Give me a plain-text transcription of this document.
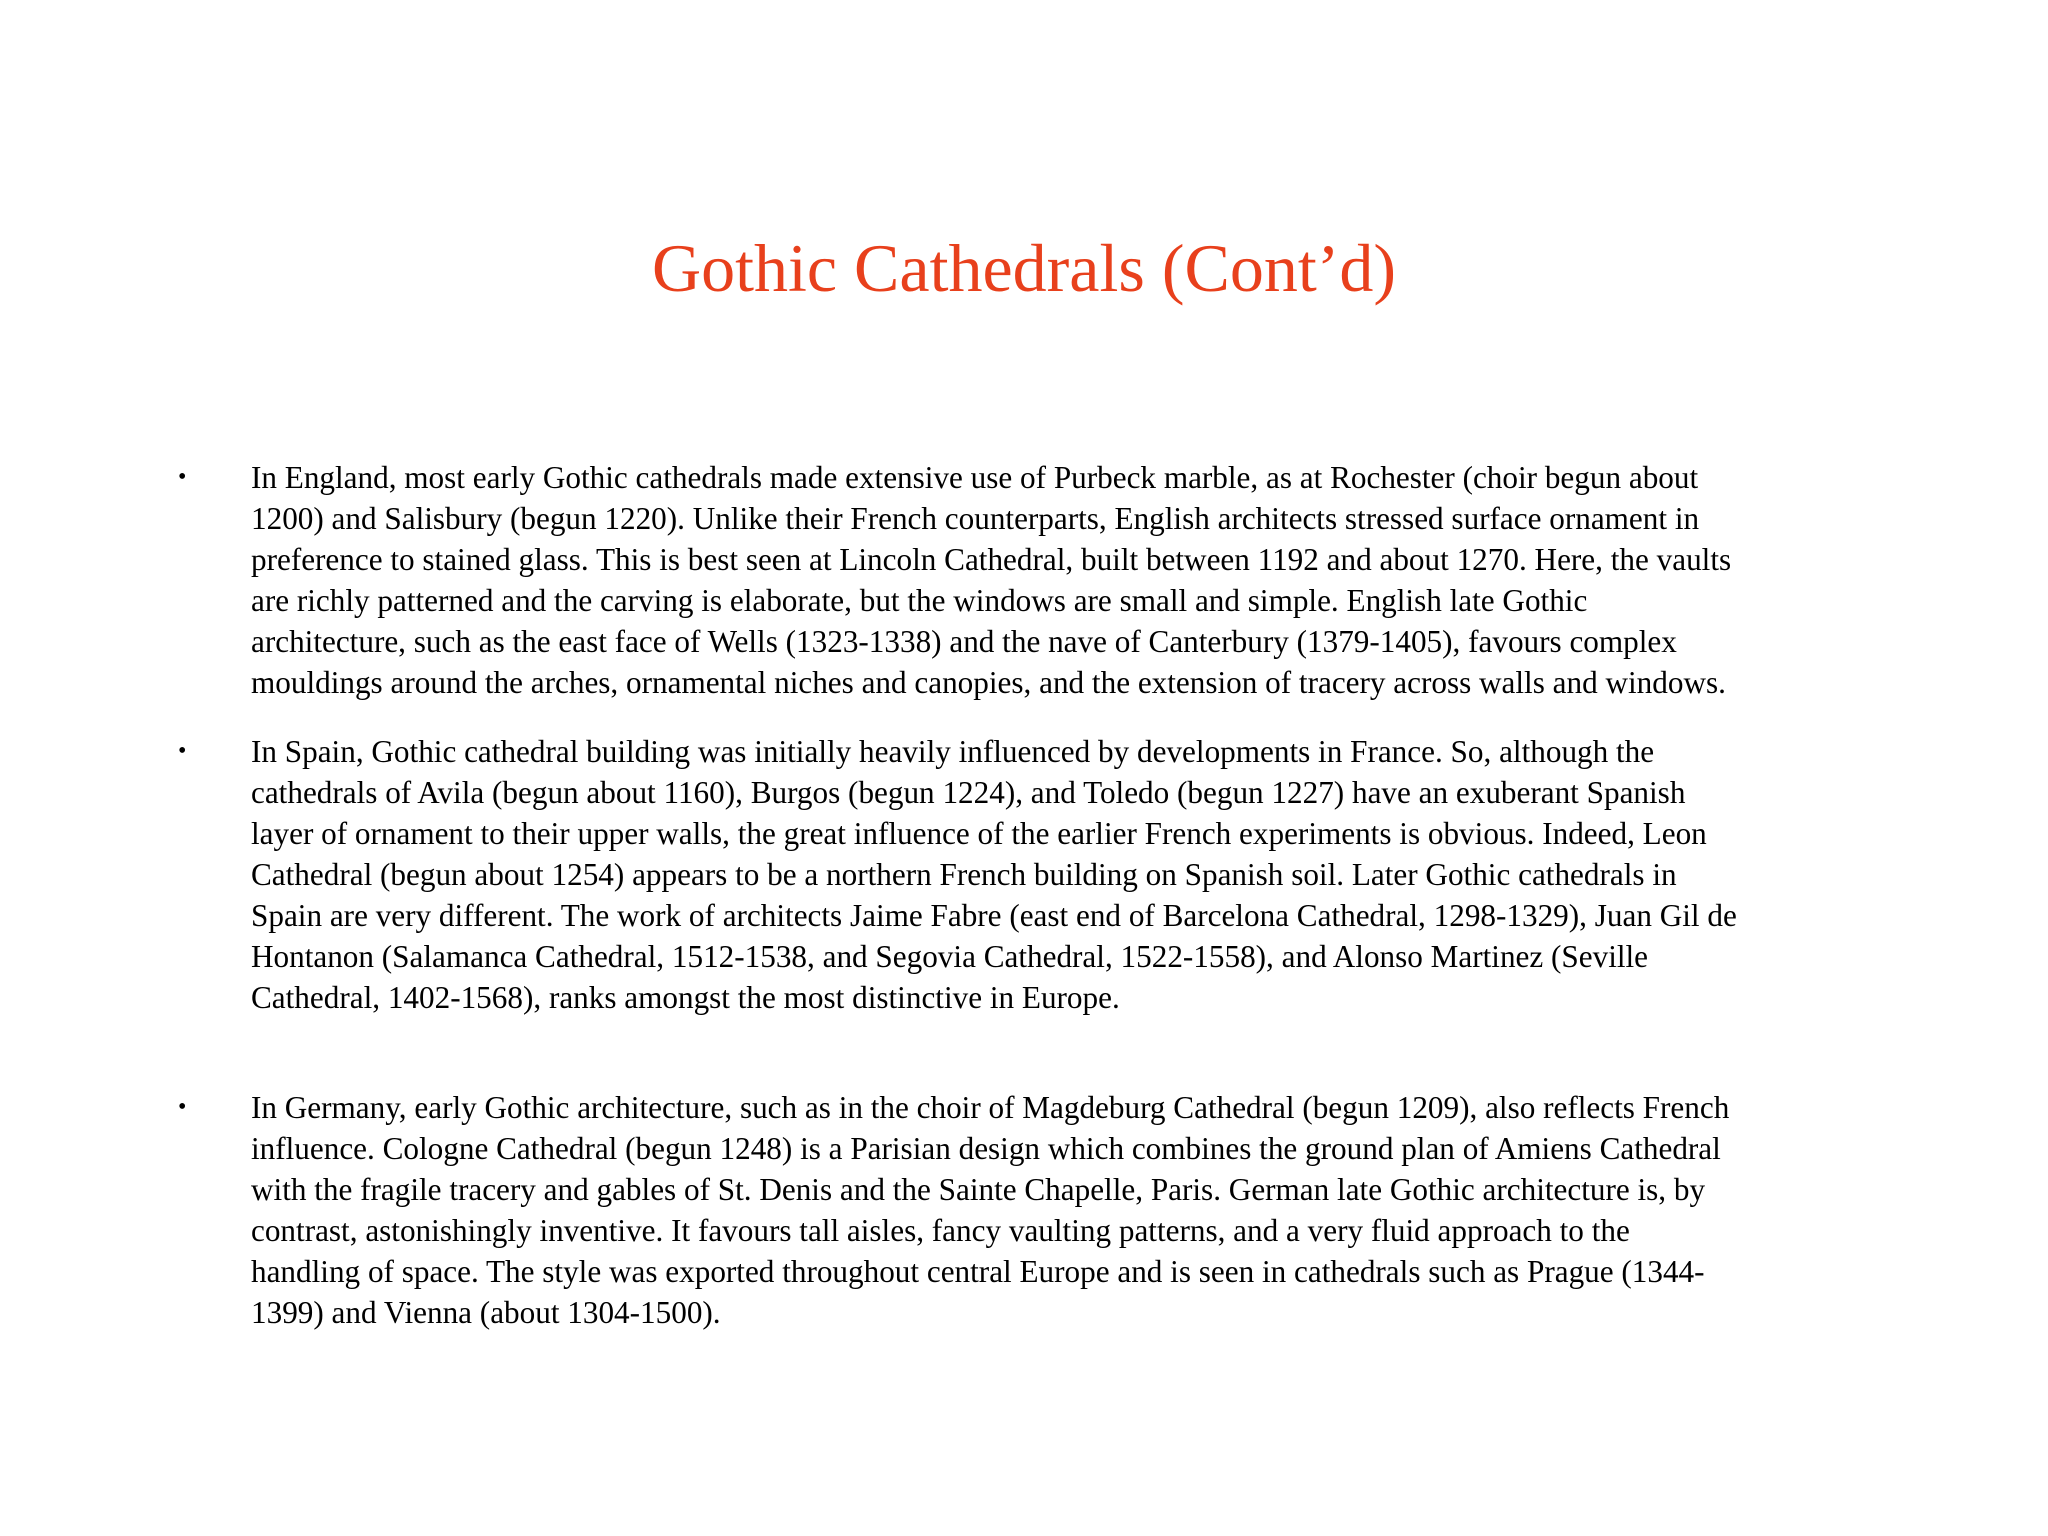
Gothic Cathedrals (Cont’d)
• In England, most early Gothic cathedrals made extensive use of Purbeck marble, as at Rochester (choir begun about
1200) and Salisbury (begun 1220). Unlike their French counterparts, English architects stressed surface ornament in
preference to stained glass. This is best seen at Lincoln Cathedral, built between 1192 and about 1270. Here, the vaults
are richly patterned and the carving is elaborate, but the windows are small and simple. English late Gothic
architecture, such as the east face of Wells (1323-1338) and the nave of Canterbury (1379-1405), favours complex
mouldings around the arches, ornamental niches and canopies, and the extension of tracery across walls and windows.

• In Spain, Gothic cathedral building was initially heavily influenced by developments in France. So, although the
cathedrals of Avila (begun about 1160), Burgos (begun 1224), and Toledo (begun 1227) have an exuberant Spanish
layer of ornament to their upper walls, the great influence of the earlier French experiments is obvious. Indeed, Leon
Cathedral (begun about 1254) appears to be a northern French building on Spanish soil. Later Gothic cathedrals in
Spain are very different. The work of architects Jaime Fabre (east end of Barcelona Cathedral, 1298-1329), Juan Gil de
Hontanon (Salamanca Cathedral, 1512-1538, and Segovia Cathedral, 1522-1558), and Alonso Martinez (Seville
Cathedral, 1402-1568), ranks amongst the most distinctive in Europe.

• In Germany, early Gothic architecture, such as in the choir of Magdeburg Cathedral (begun 1209), also reflects French
influence. Cologne Cathedral (begun 1248) is a Parisian design which combines the ground plan of Amiens Cathedral
with the fragile tracery and gables of St. Denis and the Sainte Chapelle, Paris. German late Gothic architecture is, by
contrast, astonishingly inventive. It favours tall aisles, fancy vaulting patterns, and a very fluid approach to the
handling of space. The style was exported throughout central Europe and is seen in cathedrals such as Prague (1344-
1399) and Vienna (about 1304-1500).
